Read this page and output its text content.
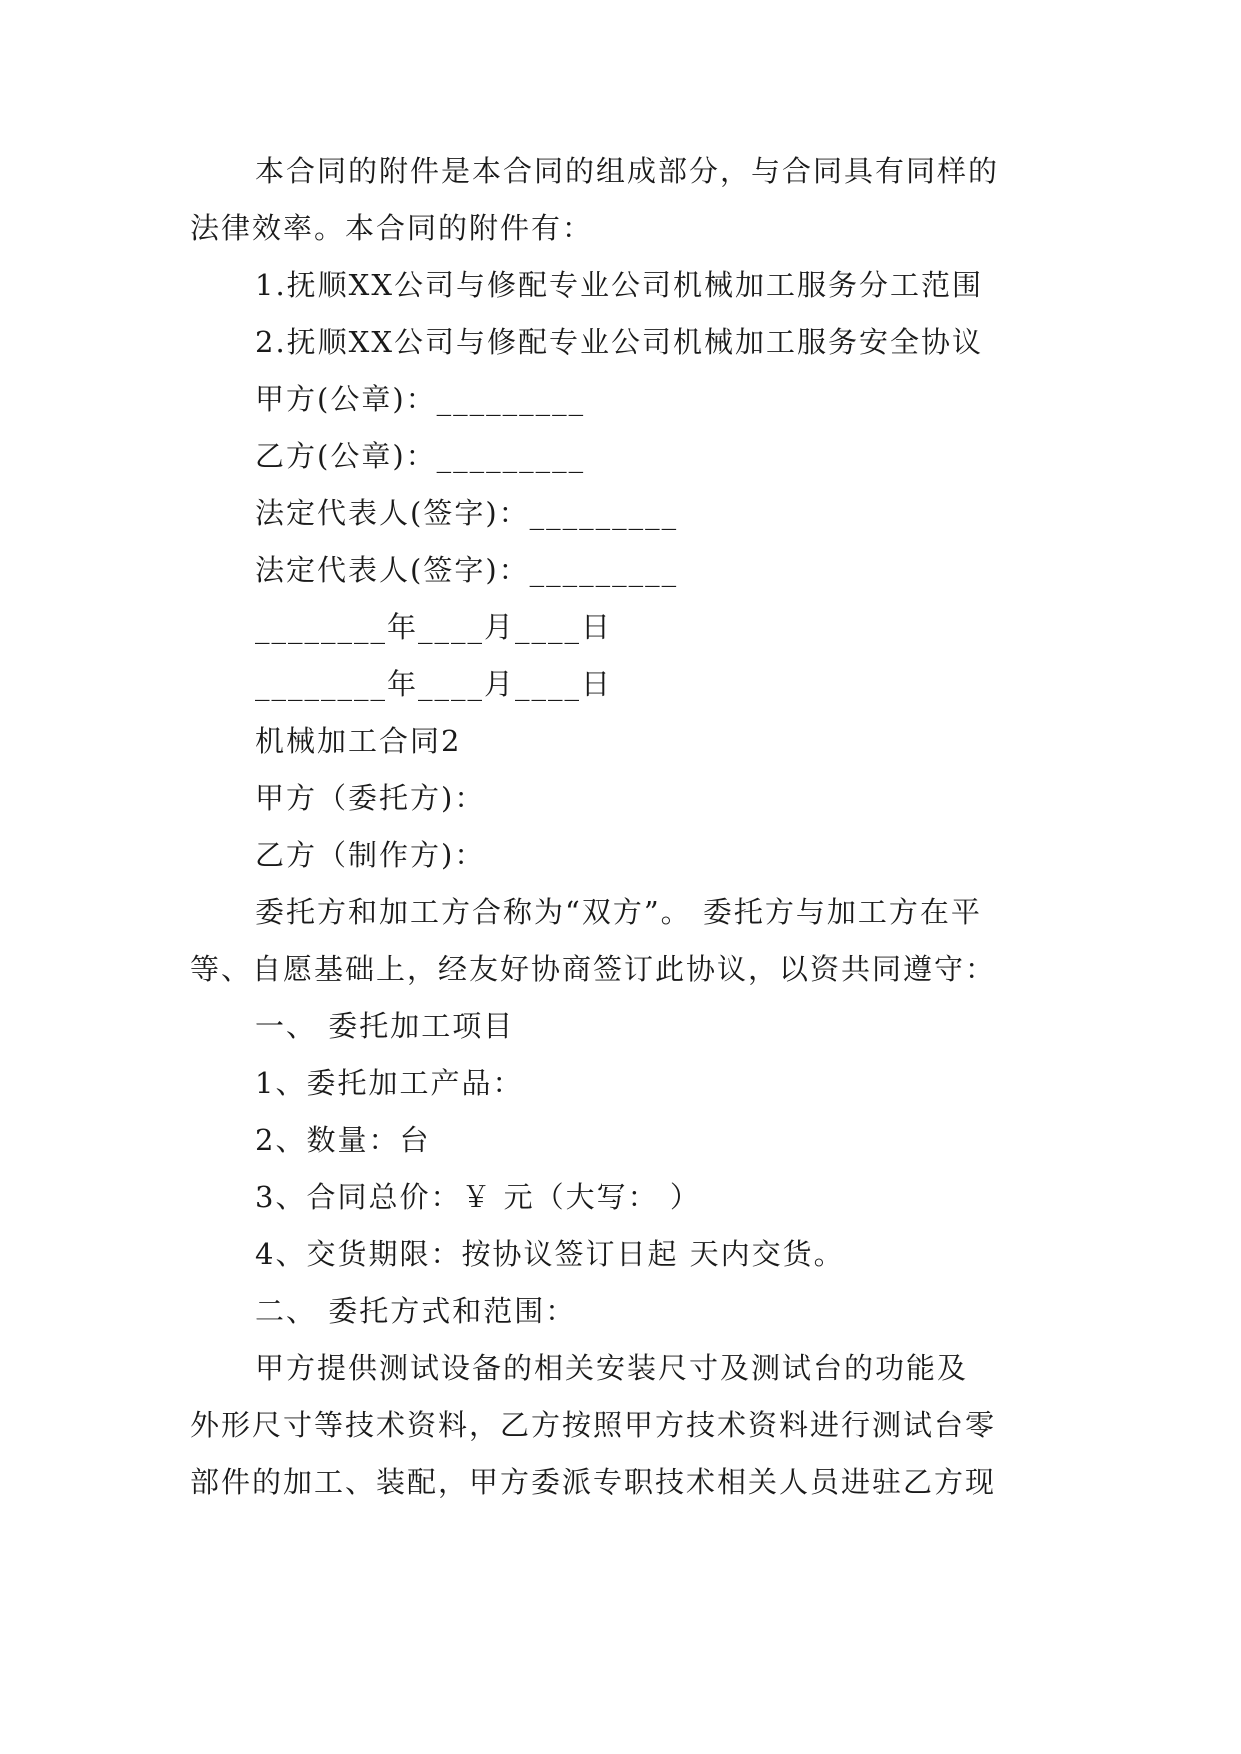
本合同的附件是本合同的组成部分，与合同具有同样的
法律效率。本合同的附件有：
1.抚顺XX公司与修配专业公司机械加工服务分工范围
2.抚顺XX公司与修配专业公司机械加工服务安全协议
甲方(公章)：_________
乙方(公章)：_________
法定代表人(签字)：_________
法定代表人(签字)：_________
________年____月____日
________年____月____日
机械加工合同2
甲方（委托方)：
乙方（制作方)：
委托方和加工方合称为“双方”。 委托方与加工方在平
等、自愿基础上，经友好协商签订此协议，以资共同遵守：
一、 委托加工项目
1、委托加工产品：
2、数量：台
3、合同总价：￥ 元（大写： ）
4、交货期限：按协议签订日起 天内交货。
二、 委托方式和范围：
甲方提供测试设备的相关安装尺寸及测试台的功能及
外形尺寸等技术资料，乙方按照甲方技术资料进行测试台零
部件的加工、装配，甲方委派专职技术相关人员进驻乙方现
